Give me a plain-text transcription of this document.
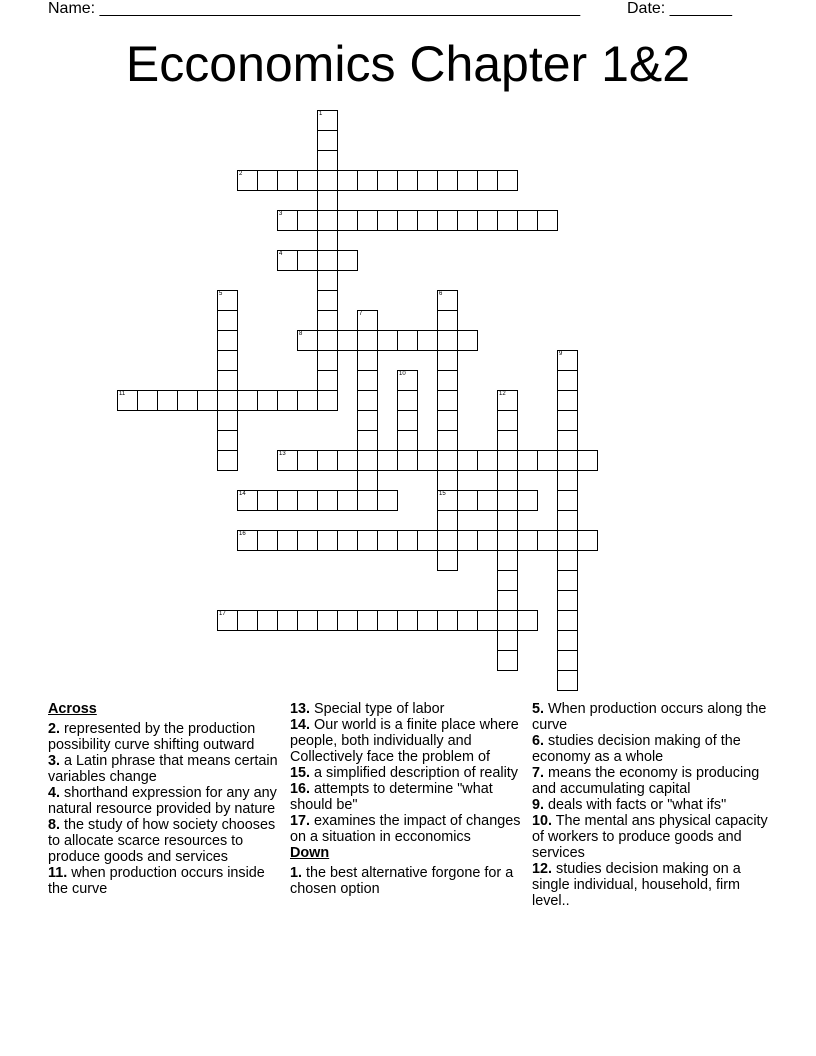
Name: ______________________________________________________	Date: _______
Ecconomics Chapter 1&2
2
3
4
8
11
13
14	15
16
17
1
5	6
7
9
10
12
Across
2. represented by the production possibility curve shifting outward
3. a Latin phrase that means certain variables change
4. shorthand expression for any any natural resource provided by nature
8. the study of how society chooses to allocate scarce resources to produce goods and services
11. when production occurs inside the curve
13. Special type of labor
14. Our world is a finite place where people, both individually and Collectively face the problem of
15. a simplified description of reality
16. attempts to determine "what should be"
17. examines the impact of changes on a situation in ecconomics
Down
1. the best alternative forgone for a chosen option
5. When production occurs along the curve
6. studies decision making of the economy as a whole
7. means the economy is producing and accumulating capital
9. deals with facts or "what ifs"
10. The mental ans physical capacity of workers to produce goods and services
12. studies decision making on a single individual, household, firm level..
